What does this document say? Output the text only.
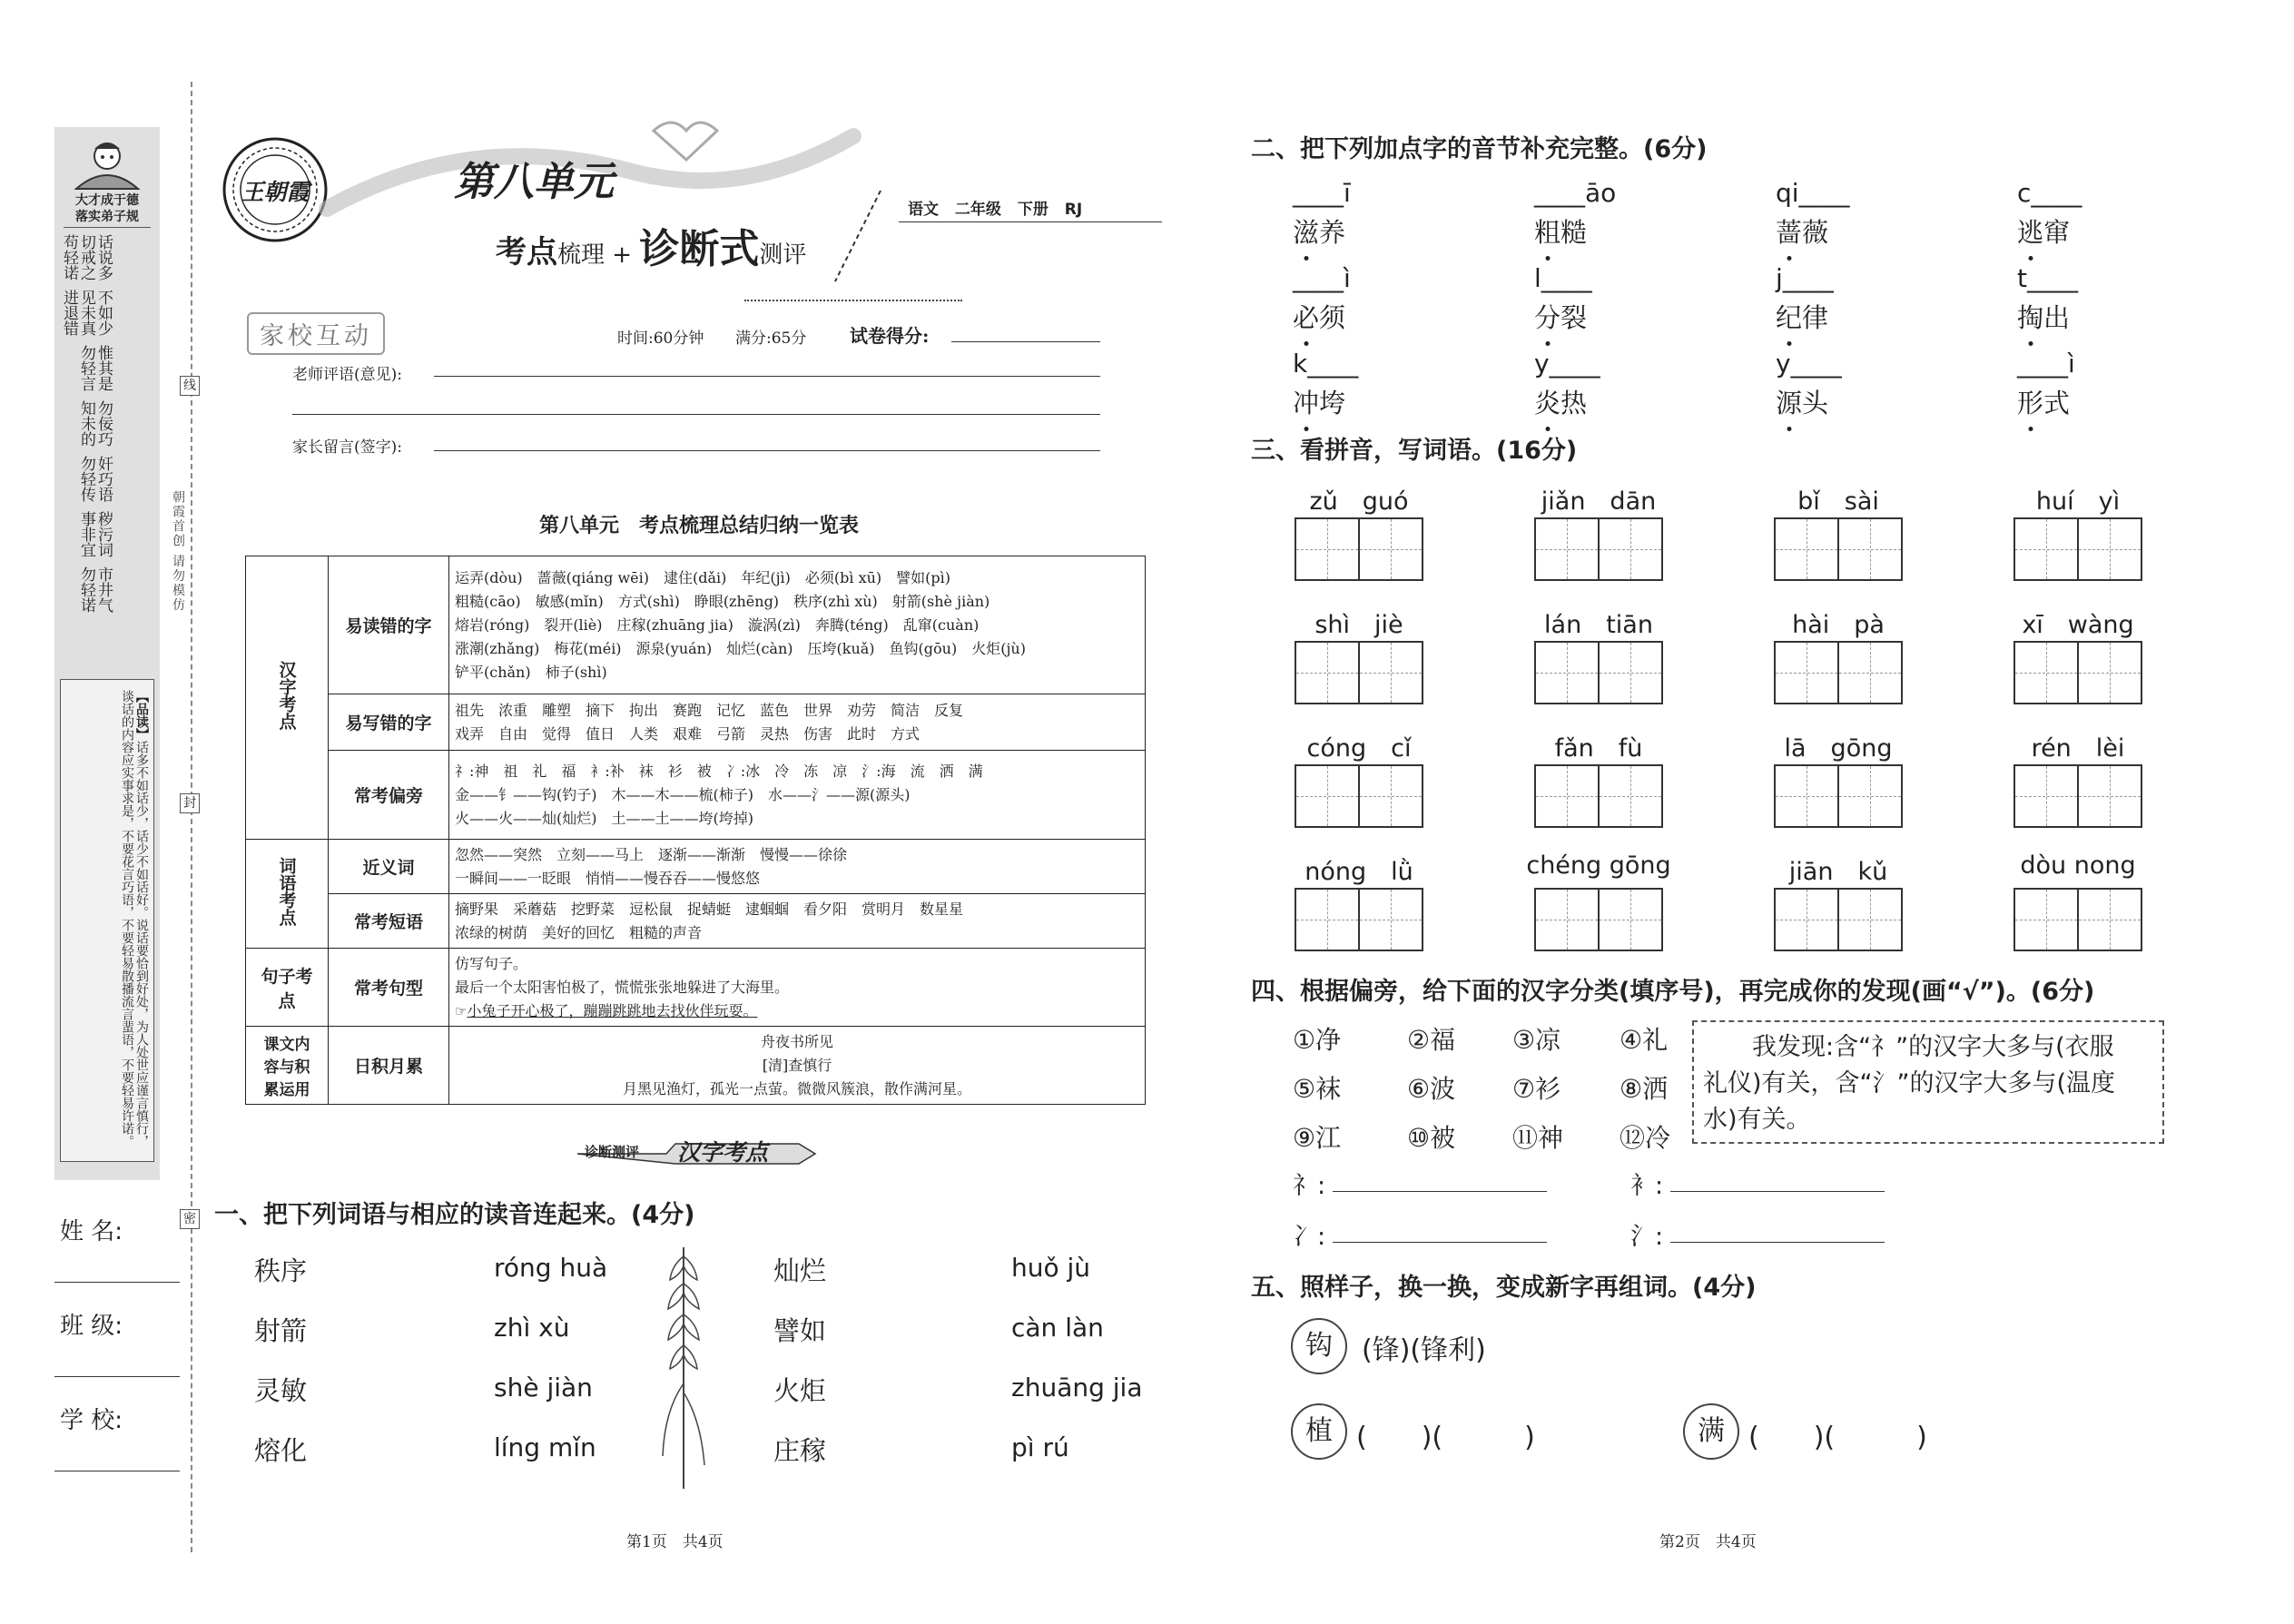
大才成于德
落实弟子规
话说多不如少惟其是勿佞巧奸巧语秽污词市井气切戒之见未真勿轻言知未的勿轻传事非宜勿轻诺苟轻诺进退错
【品读】话多不如话少，话少不如话好。说话要恰到好处，为人处世应谨言慎行，谈话的内容应实事求是，不要花言巧语，不要轻易散播流言蜚语，不要轻易许诺。
姓 名:
班 级:
学 校:
线
封
密
朝霞首创 请勿模仿
王朝霞	第八单元
考点梳理 + 诊断式测评
语文 二年级 下册 RJ
家校互动	时间:60分钟 满分:65分 试卷得分:
老师评语(意见):
家长留言(签字):
第八单元　考点梳理总结归纳一览表
汉字考点	易读错的字	运弄(dòu)　蔷薇(qiáng wēi)　逮住(dǎi)　年纪(jì)　必须(bì xū)　譬如(pì)
粗糙(cāo)　敏感(mǐn)　方式(shì)　睁眼(zhēng)　秩序(zhì xù)　射箭(shè jiàn)
熔岩(róng)　裂开(liè)　庄稼(zhuāng jia)　漩涡(zì)　奔腾(téng)　乱窜(cuàn)
涨潮(zhǎng)　梅花(méi)　源泉(yuán)　灿烂(càn)　压垮(kuǎ)　鱼钩(gōu)　火炬(jù)
铲平(chǎn)　柿子(shì)

	易写错的字	祖先　浓重　雕塑　摘下　拘出　赛跑　记忆　蓝色　世界　劝劳　简洁　反复
戏弄　自由　觉得　值日　人类　艰难　弓箭　灵热　伤害　此时　方式

	常考偏旁	礻:神　祖　礼　福　衤:补　袜　衫　被　冫:冰　冷　冻　凉　氵:海　流　洒　满
金——钅——钩(钓子)　木——木——梳(柿子)　水——氵——源(源头)
火——火——灿(灿烂)　土——土——垮(垮掉)

词语考点	近义词	忽然——突然　立刻——马上　逐渐——渐渐　慢慢——徐徐
一瞬间——一眨眼　悄悄——慢吞吞——慢悠悠

	常考短语	摘野果　采蘑菇　挖野菜　逗松鼠　捉蜻蜓　逮蝈蝈　看夕阳　赏明月　数星星
浓绿的树荫　美好的回忆　粗糙的声音

句子考点	常考句型	仿写句子。
最后一个太阳害怕极了，慌慌张张地躲进了大海里。
☞小兔子开心极了，蹦蹦跳跳地去找伙伴玩耍。

课文内容与积累运用	日积月累	舟夜书所见
[清]查慎行
月黑见渔灯，孤光一点萤。微微风簇浪，散作满河星。
诊断测评 汉字考点
一、把下列词语与相应的读音连起来。(4分)
秩序
射箭
灵敏
熔化
róng huà
zhì xù
shè jiàn
líng mǐn
灿烂
譬如
火炬
庄稼
huǒ jù
càn làn
zhuāng jia
pì rú
第1页　共4页
二、把下列加点字的音节补充完整。(6分)
____ī
滋养
____āo
粗糙
qi____
蔷薇
c____
逃窜
____ì
必须
l____
分裂
j____
纪律
t____
掏出
k____
冲垮
y____
炎热
y____
源头
____ì
形式
三、看拼音，写词语。(16分)
zǔ　guó	jiǎn　dān	bǐ　sài	huí　yì
shì　jiè	lán　tiān	hài　pà	xī　wàng
cóng　cǐ	fǎn　fù	lā　gōng	rén　lèi
nóng　lǜ	chéng gōng	jiān　kǔ	dòu nong
四、根据偏旁，给下面的汉字分类(填序号)，再完成你的发现(画“√”)。(6分)
①净	②福 ③凉 ④礼
⑤袜	⑥波 ⑦衫 ⑧洒
⑨江	⑩被 ⑪神 ⑫冷
我发现:含“礻”的汉字大多与(衣服　礼仪)有关，含“氵”的汉字大多与(温度　水)有关。
礻:	衤:
冫:	氵:
五、照样子，换一换，变成新字再组词。(4分)
钩	(锋)(锋利)
植 (　　)(　　　)	满 (　　)(　　　)
第2页　共4页
